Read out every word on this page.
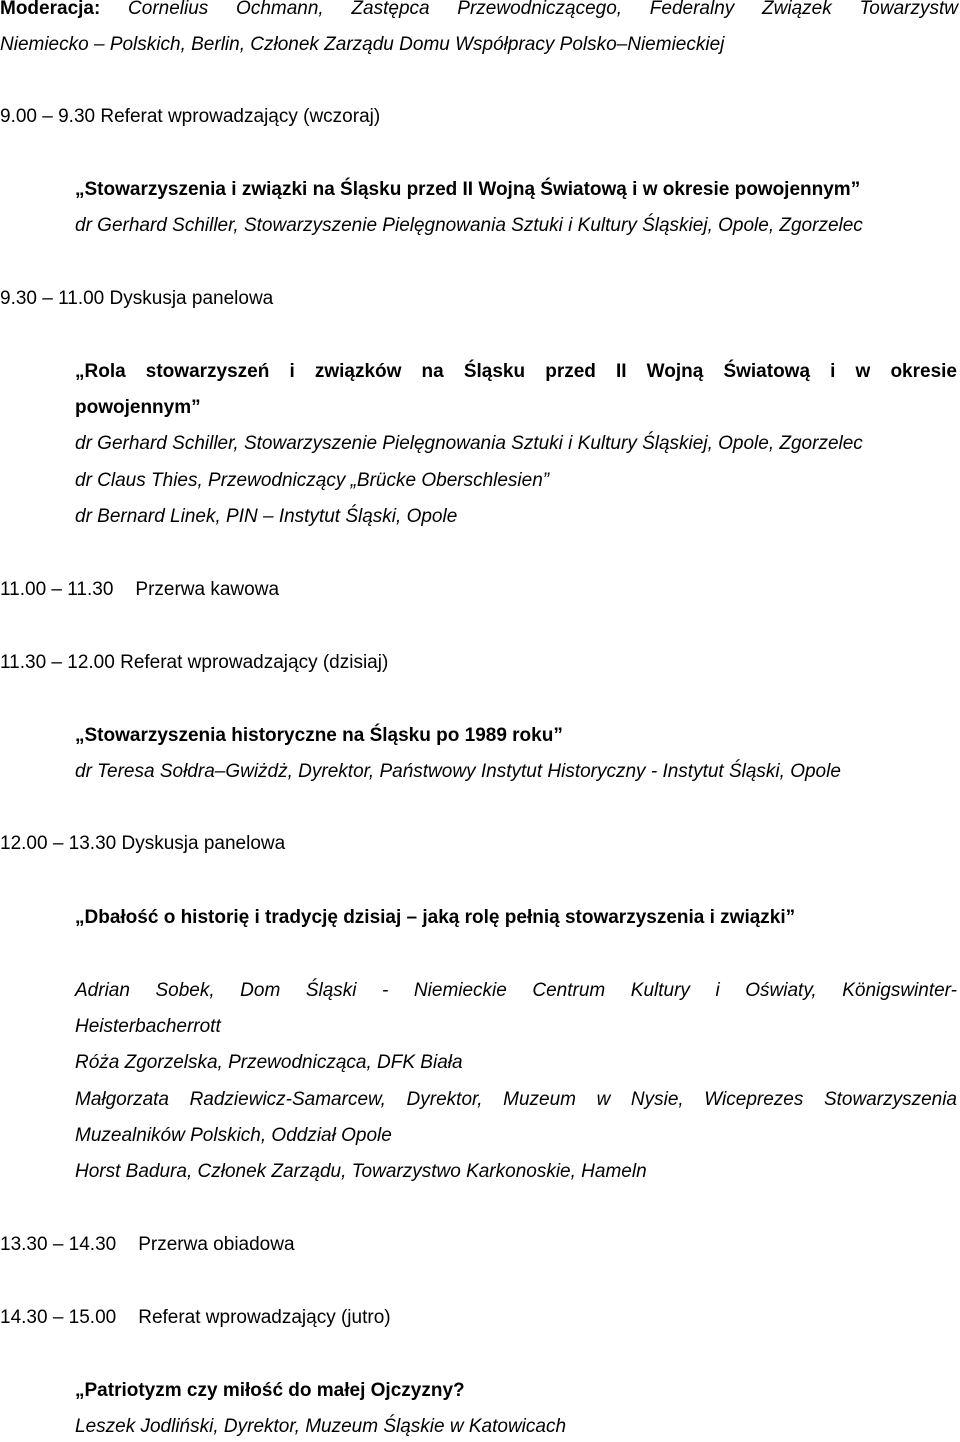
Moderacja: Cornelius Ochmann, Zastępca Przewodniczącego, Federalny Związek Towarzystw
Niemiecko – Polskich, Berlin, Członek Zarządu Domu Współpracy Polsko–Niemieckiej
9.00 – 9.30 Referat wprowadzający (wczoraj)
„Stowarzyszenia i związki na Śląsku przed II Wojną Światową i w okresie powojennym”
dr Gerhard Schiller, Stowarzyszenie Pielęgnowania Sztuki i Kultury Śląskiej, Opole, Zgorzelec
9.30 – 11.00 Dyskusja panelowa
„Rola stowarzyszeń i związków na Śląsku przed II Wojną Światową i w okresie
powojennym”
dr Gerhard Schiller, Stowarzyszenie Pielęgnowania Sztuki i Kultury Śląskiej, Opole, Zgorzelec
dr Claus Thies, Przewodniczący „Brücke Oberschlesien”
dr Bernard Linek, PIN – Instytut Śląski, Opole
11.00 – 11.30 Przerwa kawowa
11.30 – 12.00 Referat wprowadzający (dzisiaj)
„Stowarzyszenia historyczne na Śląsku po 1989 roku”
dr Teresa Sołdra–Gwiżdż, Dyrektor, Państwowy Instytut Historyczny - Instytut Śląski, Opole
12.00 – 13.30 Dyskusja panelowa
„Dbałość o historię i tradycję dzisiaj – jaką rolę pełnią stowarzyszenia i związki”
Adrian Sobek, Dom Śląski - Niemieckie Centrum Kultury i Oświaty, Königswinter-
Heisterbacherrott
Róża Zgorzelska, Przewodnicząca, DFK Biała
Małgorzata Radziewicz-Samarcew, Dyrektor, Muzeum w Nysie, Wiceprezes Stowarzyszenia
Muzealników Polskich, Oddział Opole
Horst Badura, Członek Zarządu, Towarzystwo Karkonoskie, Hameln
13.30 – 14.30 Przerwa obiadowa
14.30 – 15.00 Referat wprowadzający (jutro)
„Patriotyzm czy miłość do małej Ojczyzny?
Leszek Jodliński, Dyrektor, Muzeum Śląskie w Katowicach
